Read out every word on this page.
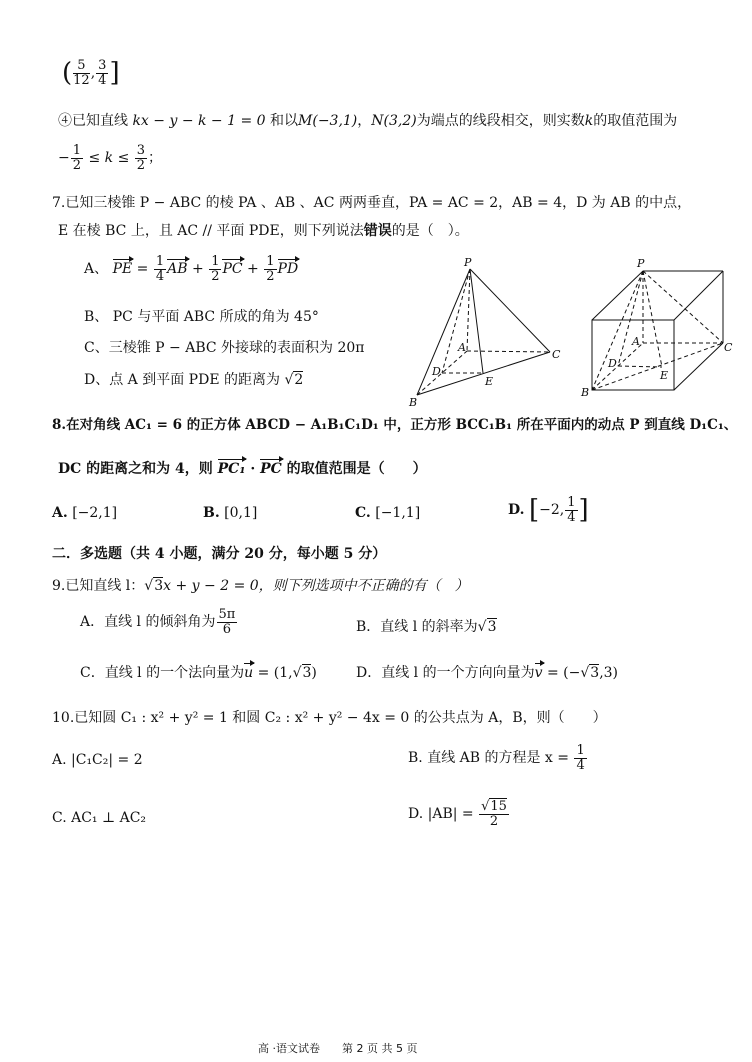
( $\frac{5}{12}$ , $\frac{3}{4}$ ]
④已知直线 kx − y − k − 1 = 0 和以M(−3,1)，N(3,2)为端点的线段相交，则实数k的取值范围为
− $\frac{1}{2} \le k \le \frac{3}{2}$ ；
7.已知三棱锥 P − ABC 的棱 PA 、AB 、AC 两两垂直，PA = AC = 2，AB = 4，D 为 AB 的中点，
E 在棱 BC 上，且 AC // 平面 PDE，则下列说法错误的是（　）。
A、 PE = $\frac{1}{4}$ AB + $\frac{1}{2}$ PC + $\frac{1}{2}$ PD
B、 PC 与平面 ABC 所成的角为 45°
C、三棱锥 P − ABC 外接球的表面积为 20π
D、点 A 到平面 PDE 的距离为 √2
P
A
C
D
E
B
P
A	C
D
E
B
8.在对角线 AC₁ = 6 的正方体 ABCD − A₁B₁C₁D₁ 中，正方形 BCC₁B₁ 所在平面内的动点 P 到直线 D₁C₁、
DC 的距离之和为 4，则 PC₁ · PC 的取值范围是（　　）
A. [−2,1]	B. [0,1]	C. [−1,1]	D. [−2, $\frac{1}{4}$ ]
二．多选题（共 4 小题，满分 20 分，每小题 5 分）
9.已知直线 l：√3x + y − 2 = 0，则下列选项中不正确的有（　）
A．直线 l 的倾斜角为 $\frac{5\pi}{6}$	B．直线 l 的斜率为√3
C．直线 l 的一个法向量为u = (1,√3)	D．直线 l 的一个方向向量为v = (−√3,3)
10.已知圆 C₁ : x² + y² = 1 和圆 C₂ : x² + y² − 4x = 0 的公共点为 A，B，则（　　）
A. |C₁C₂| = 2	B. 直线 AB 的方程是 $x = \frac{1}{4}$
C. AC₁ ⊥ AC₂	D. $|AB| = \frac{√15}{2}$
高 ·语文试卷　　第 2 页 共 5 页
